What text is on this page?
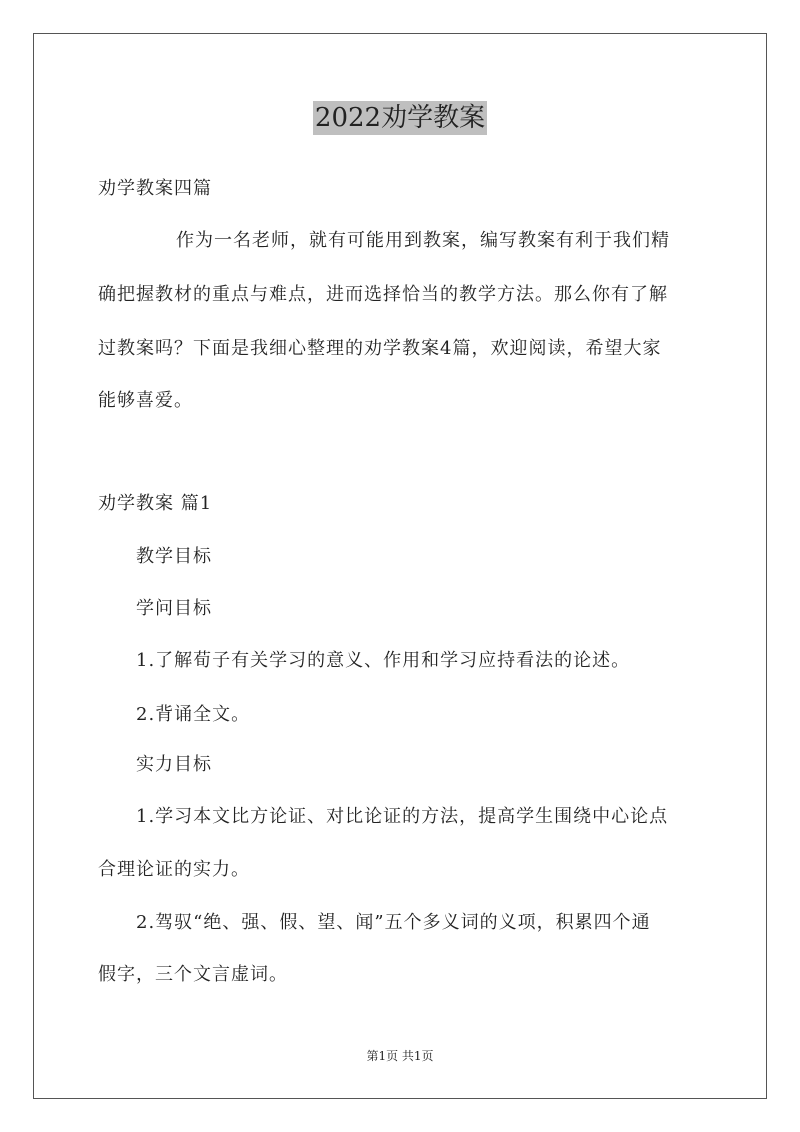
2022劝学教案
劝学教案四篇
作为一名老师，就有可能用到教案，编写教案有利于我们精
确把握教材的重点与难点，进而选择恰当的教学方法。那么你有了解
过教案吗？下面是我细心整理的劝学教案4篇，欢迎阅读，希望大家
能够喜爱。
劝学教案 篇1
教学目标
学问目标
1.了解荀子有关学习的意义、作用和学习应持看法的论述。
2.背诵全文。
实力目标
1.学习本文比方论证、对比论证的方法，提高学生围绕中心论点
合理论证的实力。
2.驾驭“绝、强、假、望、闻”五个多义词的义项，积累四个通
假字，三个文言虚词。
第1页 共1页
